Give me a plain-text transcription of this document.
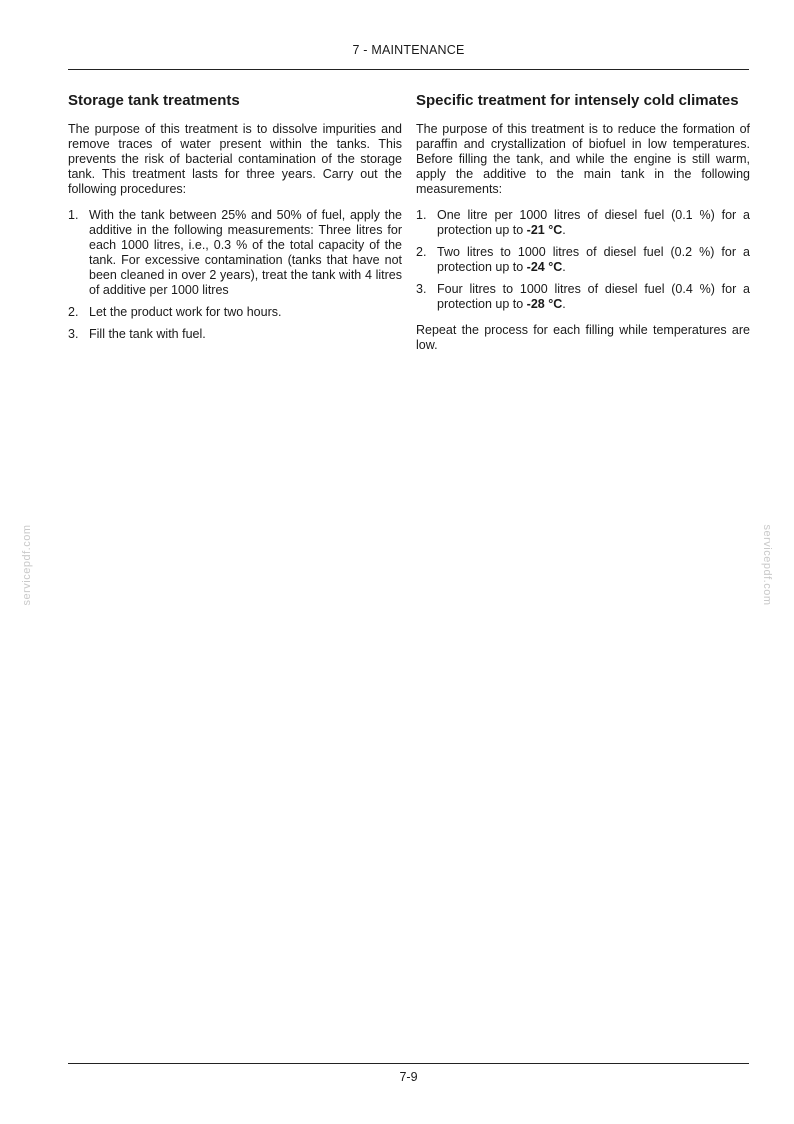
7 - MAINTENANCE
Storage tank treatments

The purpose of this treatment is to dissolve impurities and remove traces of water present within the tanks. This prevents the risk of bacterial contamination of the storage tank. This treatment lasts for three years. Carry out the following procedures:

1. With the tank between 25% and 50% of fuel, apply the additive in the following measurements: Three litres for each 1000 litres, i.e., 0.3 % of the total capacity of the tank. For excessive contamination (tanks that have not been cleaned in over 2 years), treat the tank with 4 litres of additive per 1000 litres
2. Let the product work for two hours.
3. Fill the tank with fuel.
Specific treatment for intensely cold climates

The purpose of this treatment is to reduce the formation of paraffin and crystallization of biofuel in low temperatures. Before filling the tank, and while the engine is still warm, apply the additive to the main tank in the following measurements:

1. One litre per 1000 litres of diesel fuel (0.1 %) for a protection up to -21 °C.
2. Two litres to 1000 litres of diesel fuel (0.2 %) for a protection up to -24 °C.
3. Four litres to 1000 litres of diesel fuel (0.4 %) for a protection up to -28 °C.

Repeat the process for each filling while temperatures are low.

servicepdf.com	servicepdf.com
7-9
